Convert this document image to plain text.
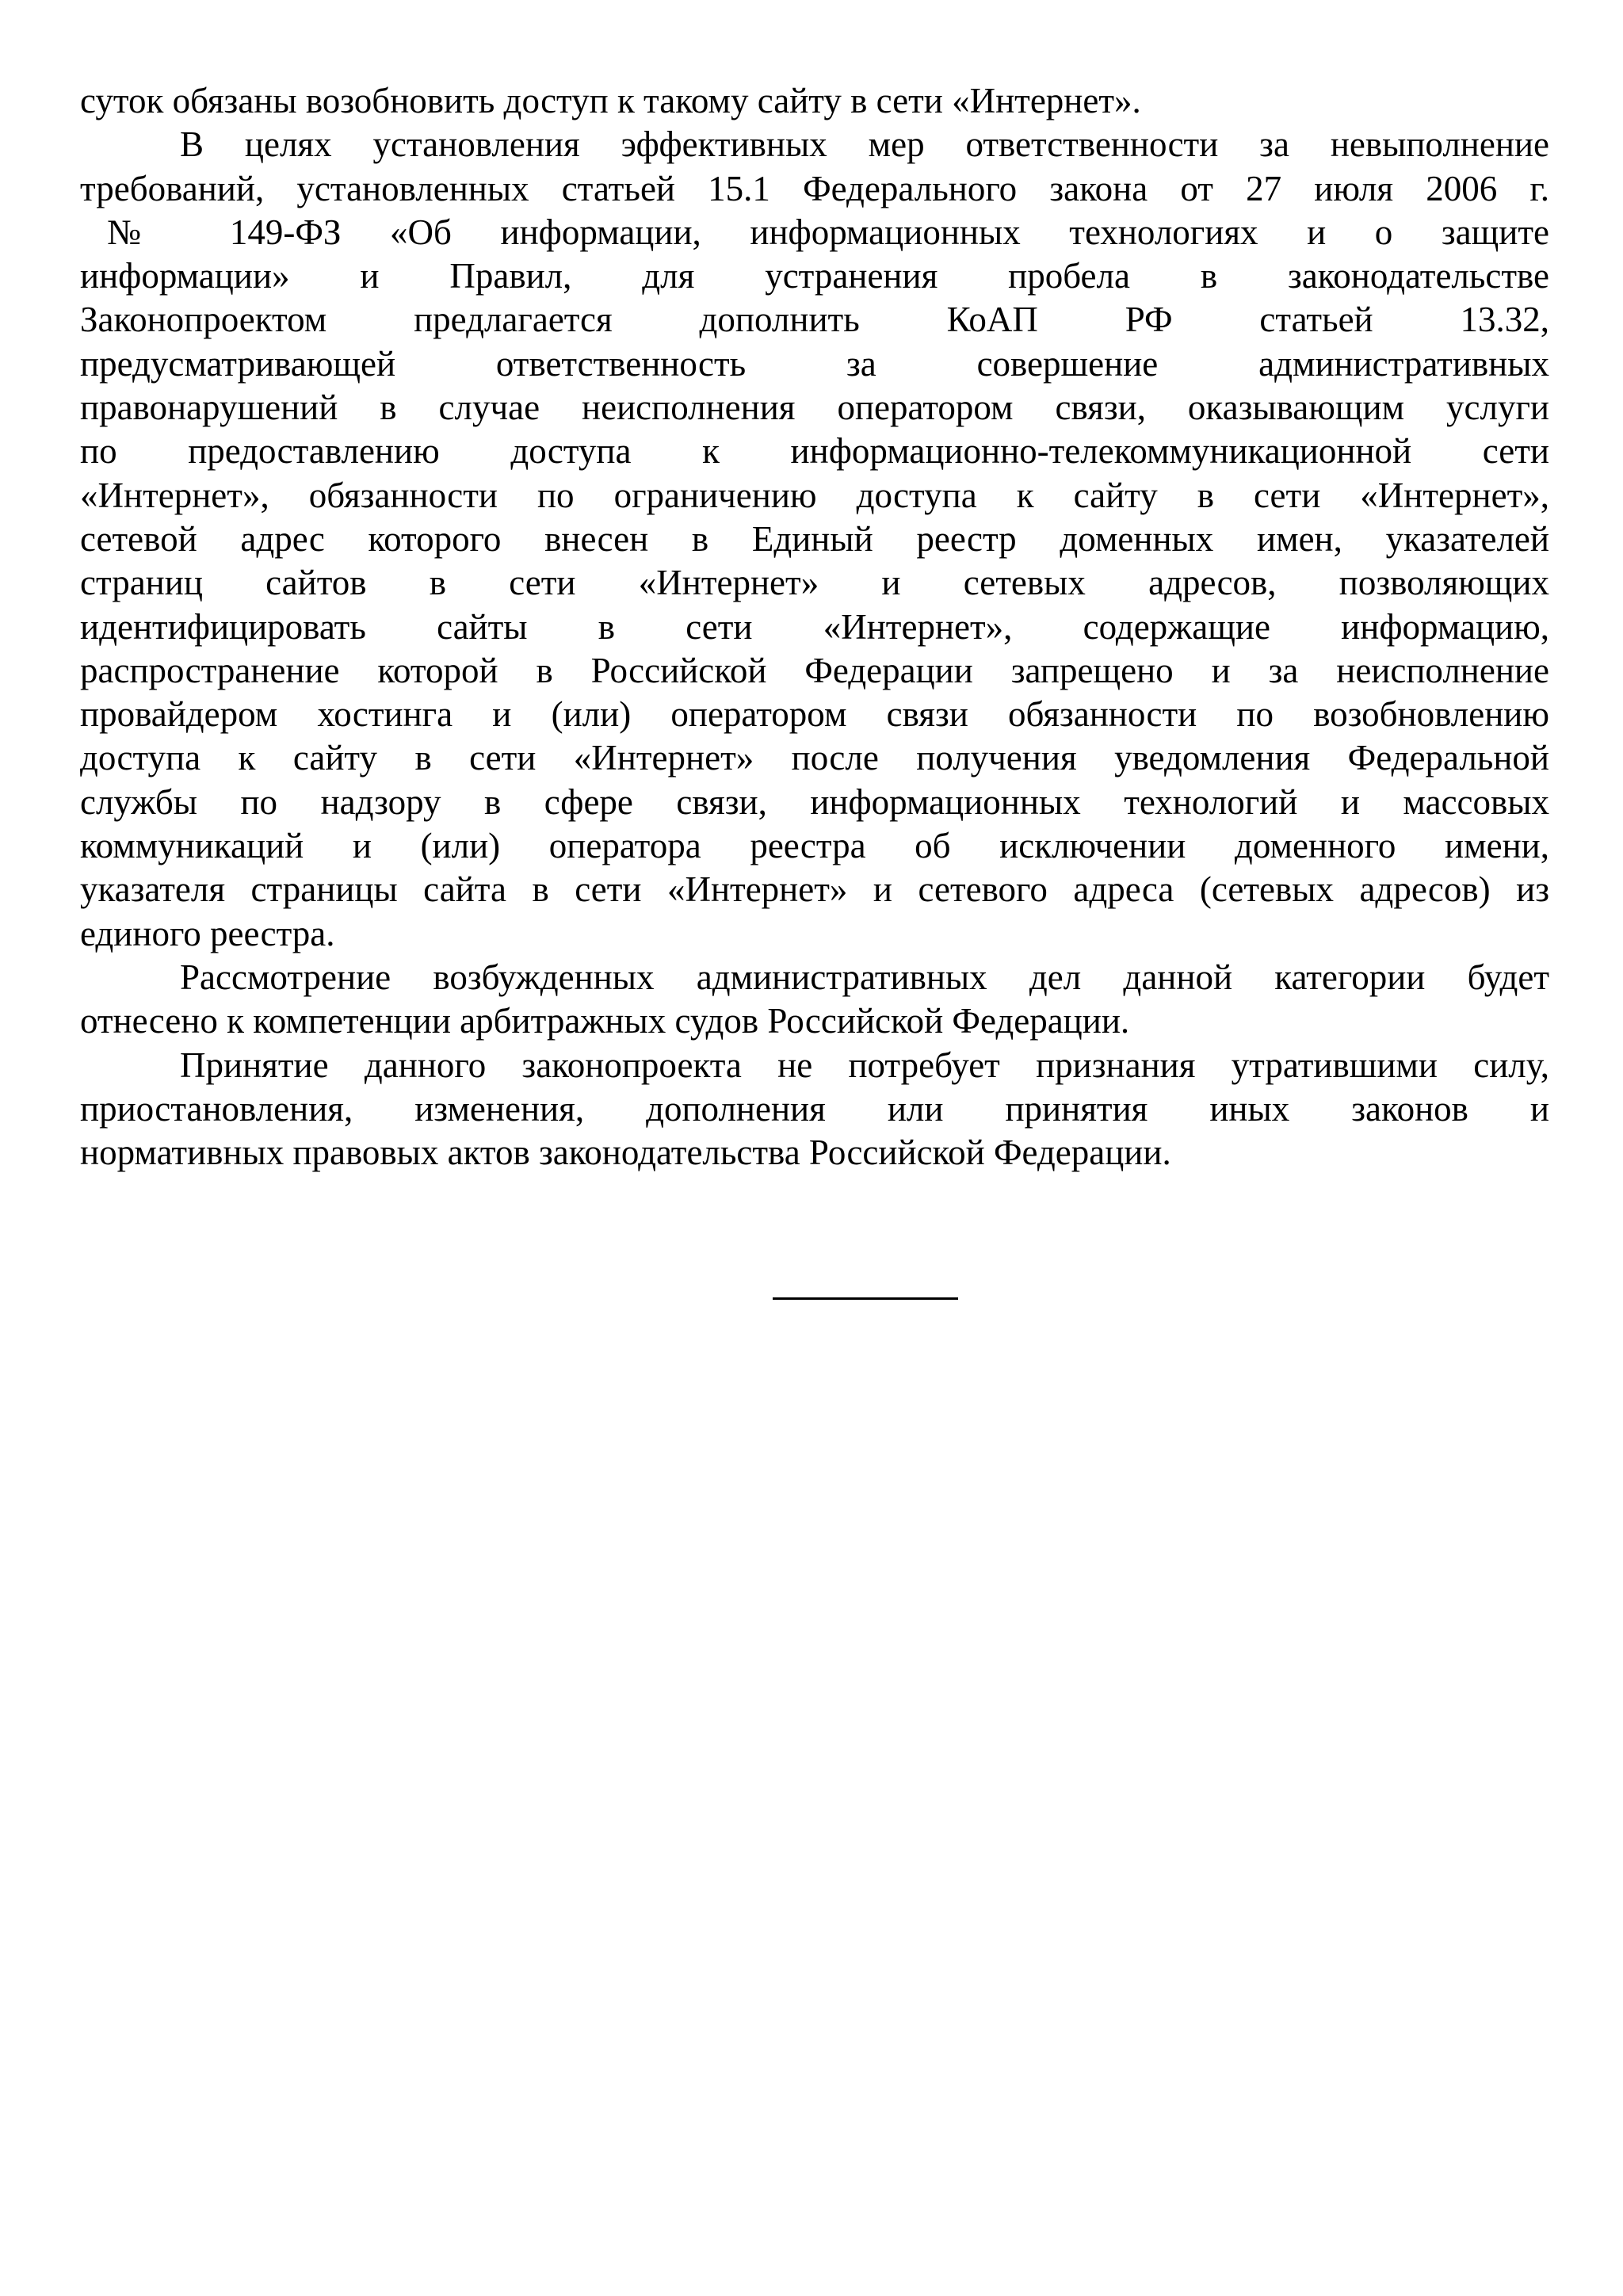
суток обязаны возобновить доступ к такому сайту в сети «Интернет».
В целях установления эффективных мер ответственности за невыполнение
требований, установленных статьей 15.1 Федерального закона от 27 июля 2006 г.
№ 149-ФЗ «Об информации, информационных технологиях и о защите
информации» и Правил, для устранения пробела в законодательстве
Законопроектом предлагается дополнить КоАП РФ статьей 13.32,
предусматривающей ответственность за совершение административных
правонарушений в случае неисполнения оператором связи, оказывающим услуги
по предоставлению доступа к информационно-телекоммуникационной сети
«Интернет», обязанности по ограничению доступа к сайту в сети «Интернет»,
сетевой адрес которого внесен в Единый реестр доменных имен, указателей
страниц сайтов в сети «Интернет» и сетевых адресов, позволяющих
идентифицировать сайты в сети «Интернет», содержащие информацию,
распространение которой в Российской Федерации запрещено и за неисполнение
провайдером хостинга и (или) оператором связи обязанности по возобновлению
доступа к сайту в сети «Интернет» после получения уведомления Федеральной
службы по надзору в сфере связи, информационных технологий и массовых
коммуникаций и (или) оператора реестра об исключении доменного имени,
указателя страницы сайта в сети «Интернет» и сетевого адреса (сетевых адресов) из
единого реестра.
Рассмотрение возбужденных административных дел данной категории будет
отнесено к компетенции арбитражных судов Российской Федерации.
Принятие данного законопроекта не потребует признания утратившими силу,
приостановления, изменения, дополнения или принятия иных законов и
нормативных правовых актов законодательства Российской Федерации.
